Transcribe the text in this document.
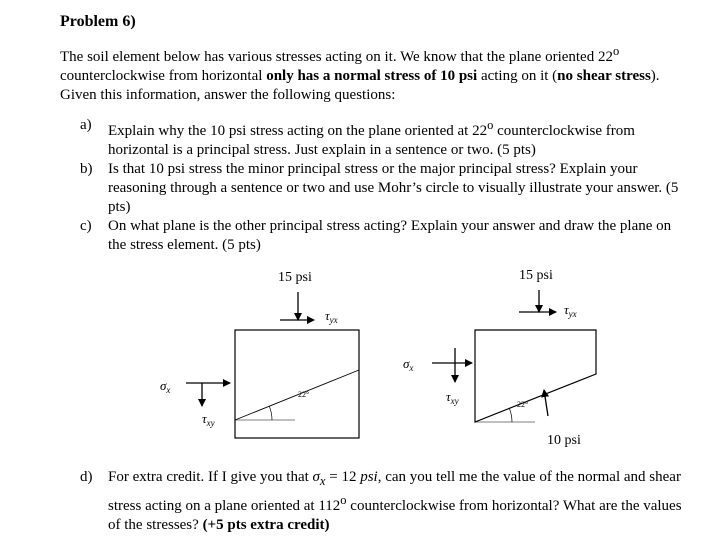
Problem 6)
The soil element below has various stresses acting on it. We know that the plane oriented 22$^o$ counterclockwise from horizontal only has a normal stress of 10 psi acting on it (no shear stress). Given this information, answer the following questions:
a)	Explain why the 10 psi stress acting on the plane oriented at 22$^o$ counterclockwise from horizontal is a principal stress. Just explain in a sentence or two. (5 pts)
b)	Is that 10 psi stress the minor principal stress or the major principal stress? Explain your reasoning through a sentence or two and use Mohr’s circle to visually illustrate your answer. (5 pts)
c)	On what plane is the other principal stress acting? Explain your answer and draw the plane on the stress element. (5 pts)
15 psi
$\tau_{yx}$
22°
$\sigma_x$
$\tau_{xy}$
15 psi
$\tau_{yx}$
22°
10 psi
$\sigma_x$
$\tau_{xy}$
d)	For extra credit. If I give you that $\sigma_x = 12$ psi, can you tell me the value of the normal and shear stress acting on a plane oriented at 112$^o$ counterclockwise from horizontal? What are the values of the stresses? (+5 pts extra credit)
